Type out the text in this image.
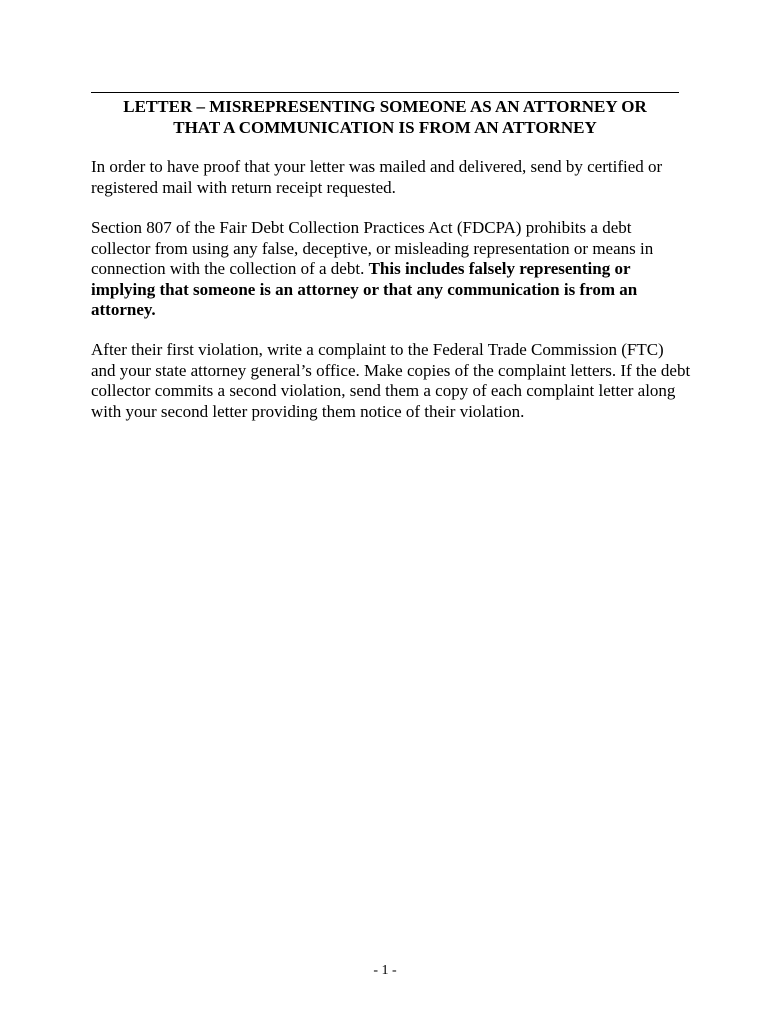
LETTER – MISREPRESENTING SOMEONE AS AN ATTORNEY OR
THAT A COMMUNICATION IS FROM AN ATTORNEY

In order to have proof that your letter was mailed and delivered, send by certified or registered mail with return receipt requested.

Section 807 of the Fair Debt Collection Practices Act (FDCPA) prohibits a debt collector from using any false, deceptive, or misleading representation or means in connection with the collection of a debt. This includes falsely representing or implying that someone is an attorney or that any communication is from an attorney.

After their first violation, write a complaint to the Federal Trade Commission (FTC) and your state attorney general’s office. Make copies of the complaint letters. If the debt collector commits a second violation, send them a copy of each complaint letter along with your second letter providing them notice of their violation.

- 1 -
